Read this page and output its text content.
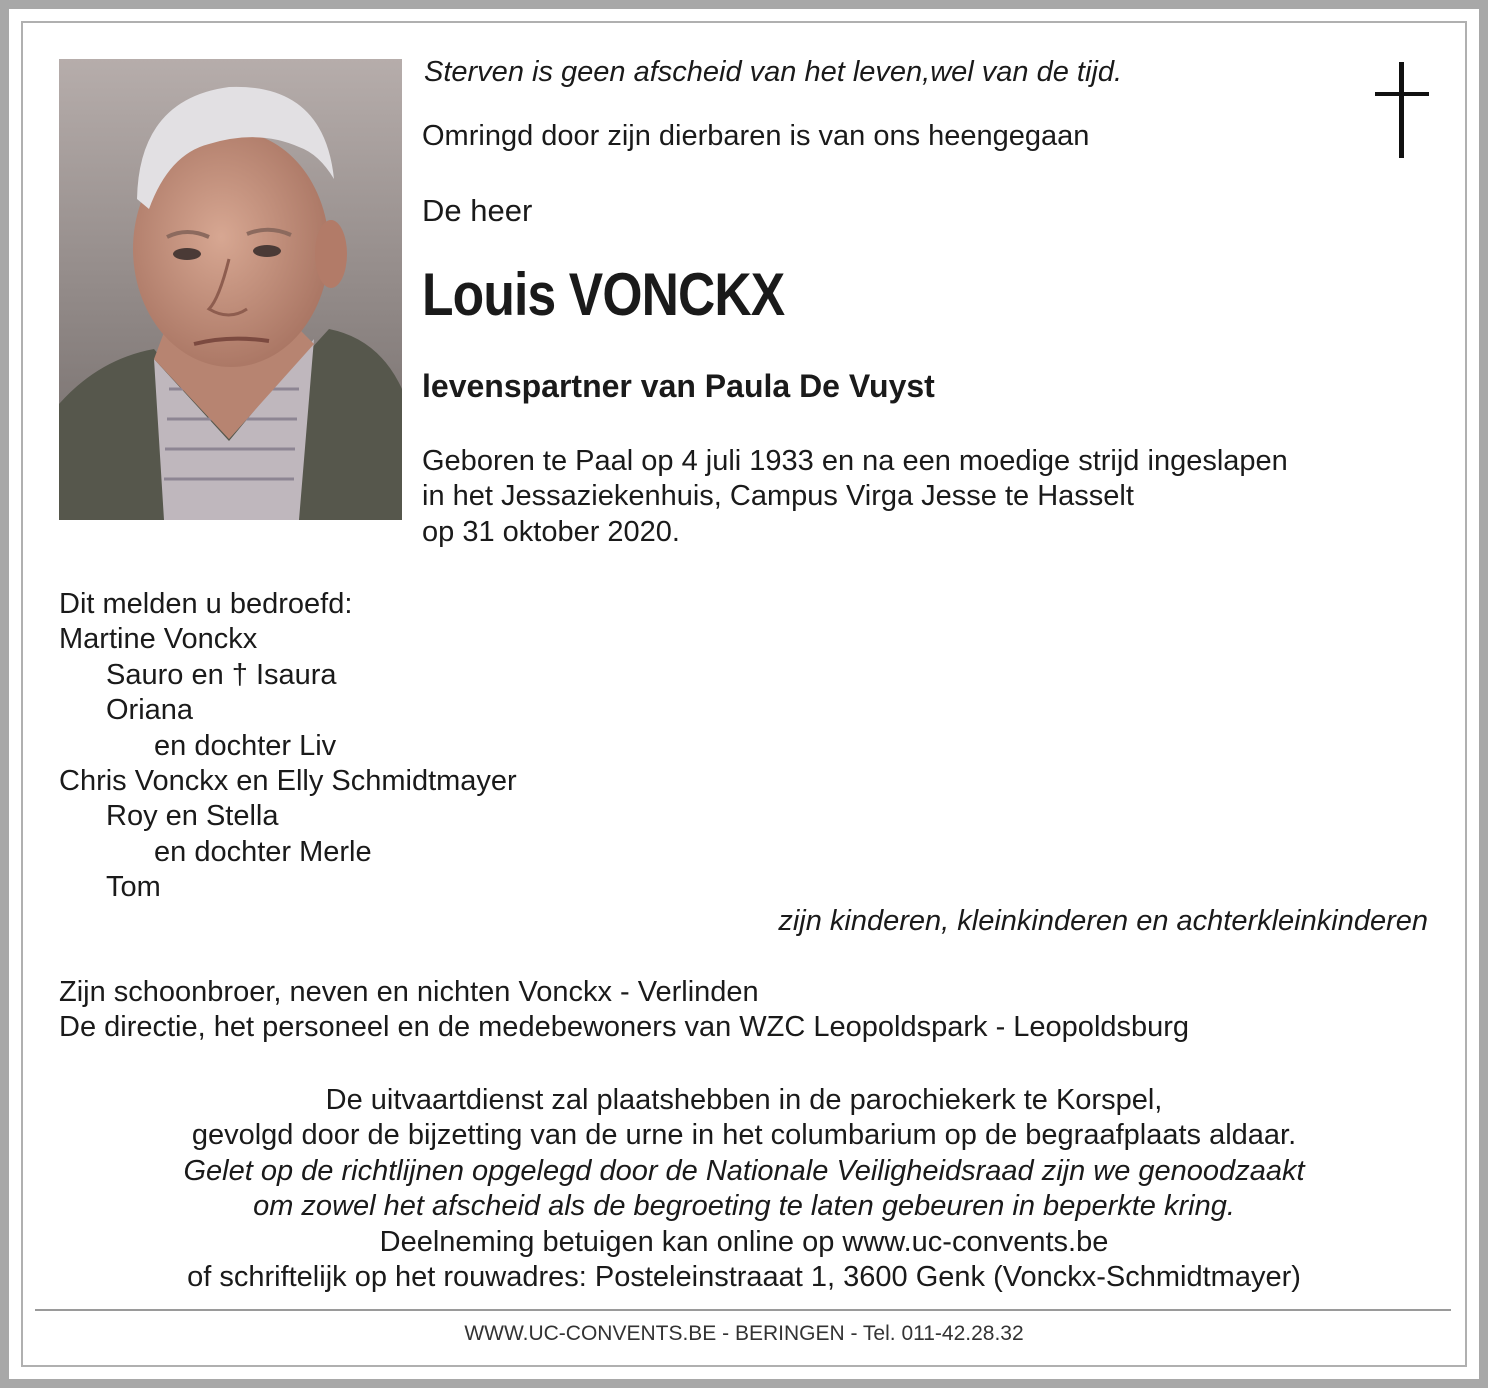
Sterven is geen afscheid van het leven,wel van de tijd.
Omringd door zijn dierbaren is van ons heengegaan
De heer
Louis VONCKX
levenspartner van Paula De Vuyst
Geboren te Paal op 4 juli 1933 en na een moedige strijd ingeslapen
in het Jessaziekenhuis, Campus Virga Jesse te Hasselt
op 31 oktober 2020.
Dit melden u bedroefd:
Martine Vonckx
Sauro en † Isaura
Oriana
en dochter Liv
Chris Vonckx en Elly Schmidtmayer
Roy en Stella
en dochter Merle
Tom
zijn kinderen, kleinkinderen en achterkleinkinderen
Zijn schoonbroer, neven en nichten Vonckx - Verlinden
De directie, het personeel en de medebewoners van WZC Leopoldspark - Leopoldsburg
De uitvaartdienst zal plaatshebben in de parochiekerk te Korspel,
gevolgd door de bijzetting van de urne in het columbarium op de begraafplaats aldaar.
Gelet op de richtlijnen opgelegd door de Nationale Veiligheidsraad zijn we genoodzaakt
om zowel het afscheid als de begroeting te laten gebeuren in beperkte kring.
Deelneming betuigen kan online op www.uc-convents.be
of schriftelijk op het rouwadres: Posteleinstraaat 1, 3600 Genk (Vonckx-Schmidtmayer)
WWW.UC-CONVENTS.BE - BERINGEN - Tel. 011-42.28.32
